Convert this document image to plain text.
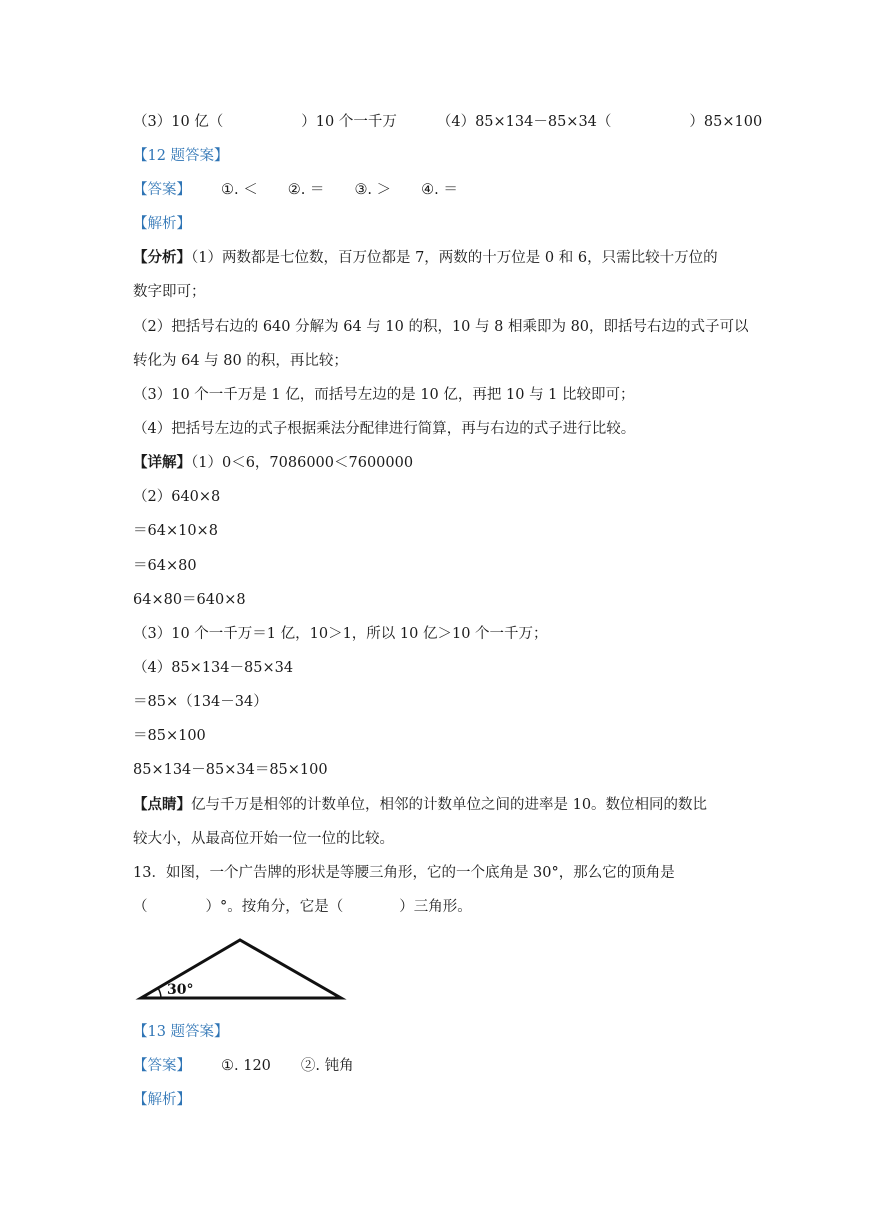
（3）10 亿（	）10 个一千万	（4）85×134－85×34（	）85×100
【12 题答案】
【答案】 ①. ＜ ②. ＝ ③. ＞ ④. ＝
【解析】
【分析】（1）两数都是七位数，百万位都是 7，两数的十万位是 0 和 6，只需比较十万位的
数字即可；
（2）把括号右边的 640 分解为 64 与 10 的积，10 与 8 相乘即为 80，即括号右边的式子可以
转化为 64 与 80 的积，再比较；
（3）10 个一千万是 1 亿，而括号左边的是 10 亿，再把 10 与 1 比较即可；
（4）把括号左边的式子根据乘法分配律进行简算，再与右边的式子进行比较。
【详解】（1）0＜6，7086000＜7600000
（2）640×8
＝64×10×8
＝64×80
64×80＝640×8
（3）10 个一千万＝1 亿，10＞1，所以 10 亿＞10 个一千万；
（4）85×134－85×34
＝85×（134－34）
＝85×100
85×134－85×34＝85×100
【点睛】亿与千万是相邻的计数单位，相邻的计数单位之间的进率是 10。数位相同的数比
较大小，从最高位开始一位一位的比较。
13．如图，一个广告牌的形状是等腰三角形，它的一个底角是 30°，那么它的顶角是
（	）°。按角分，它是（	）三角形。
30°
【13 题答案】
【答案】 ①. 120 ②. 钝角
【解析】
